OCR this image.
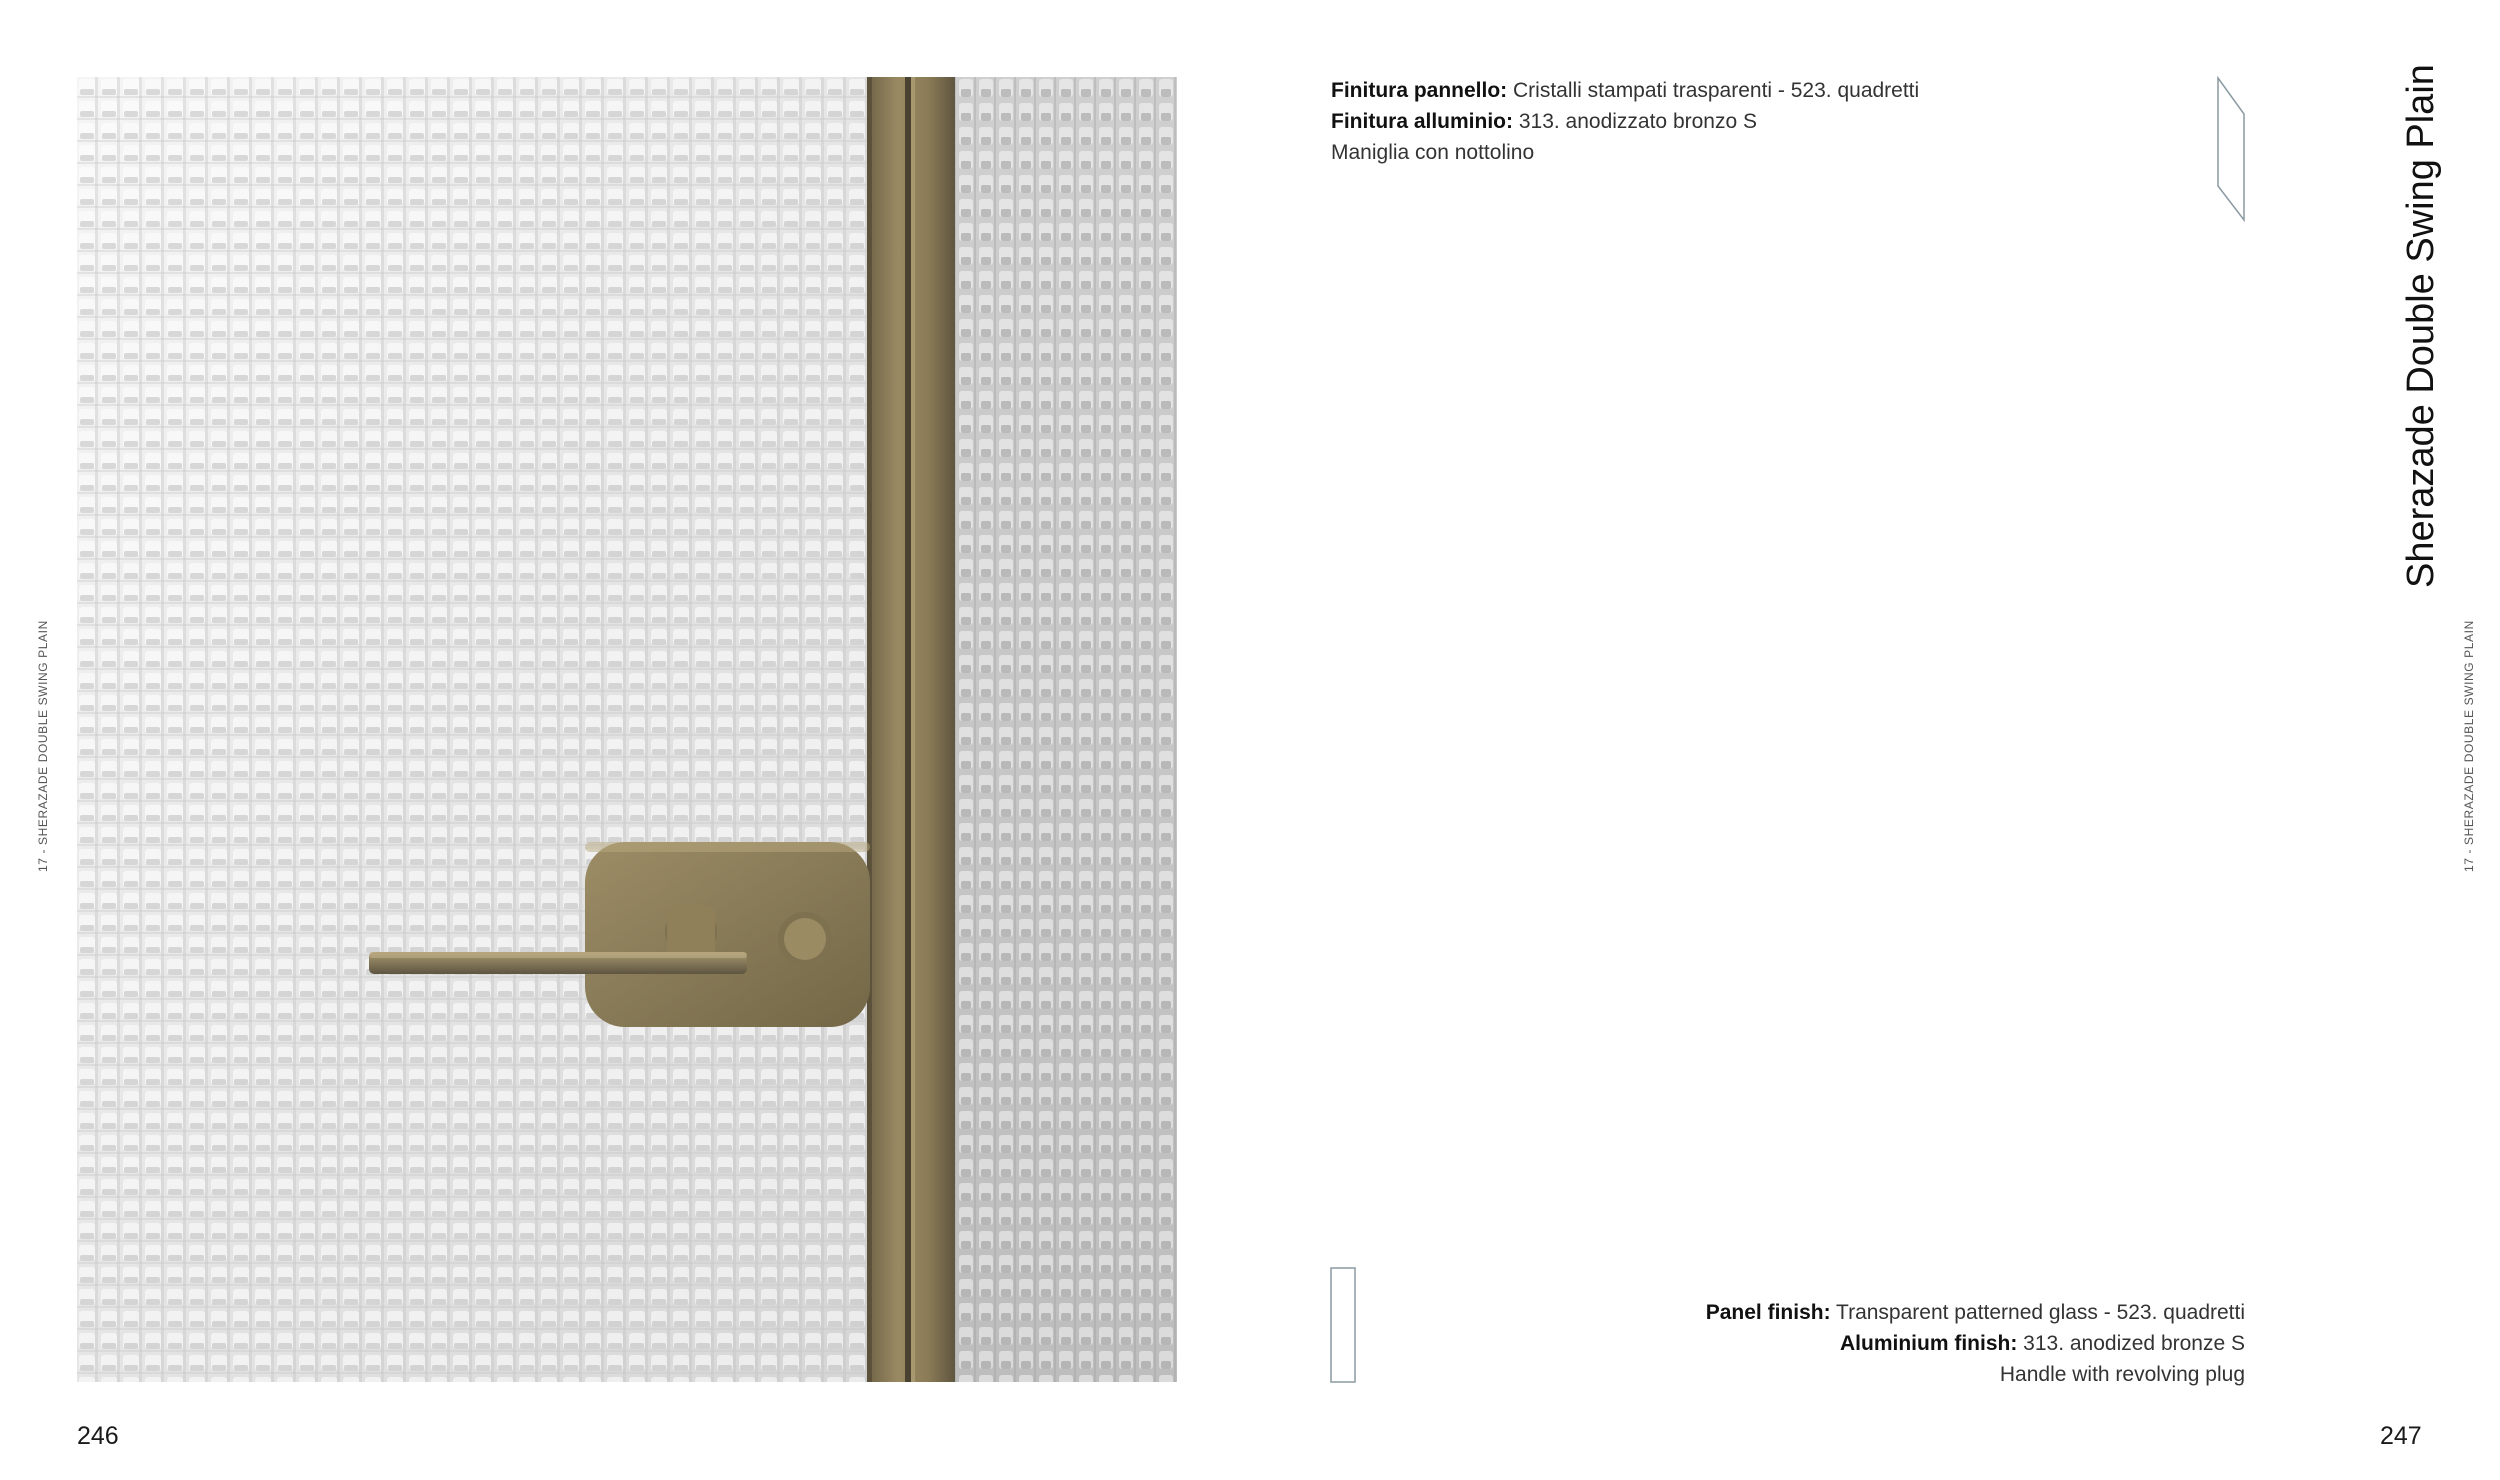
17 - SHERAZADE DOUBLE SWING PLAIN
246
Finitura pannello: Cristalli stampati trasparenti - 523. quadretti
Finitura alluminio: 313. anodizzato bronzo S
Maniglia con nottolino	Sherazade Double Swing Plain
17 - SHERAZADE DOUBLE SWING PLAIN
Panel finish: Transparent patterned glass - 523. quadretti
Aluminium finish: 313. anodized bronze S
Handle with revolving plug
247
